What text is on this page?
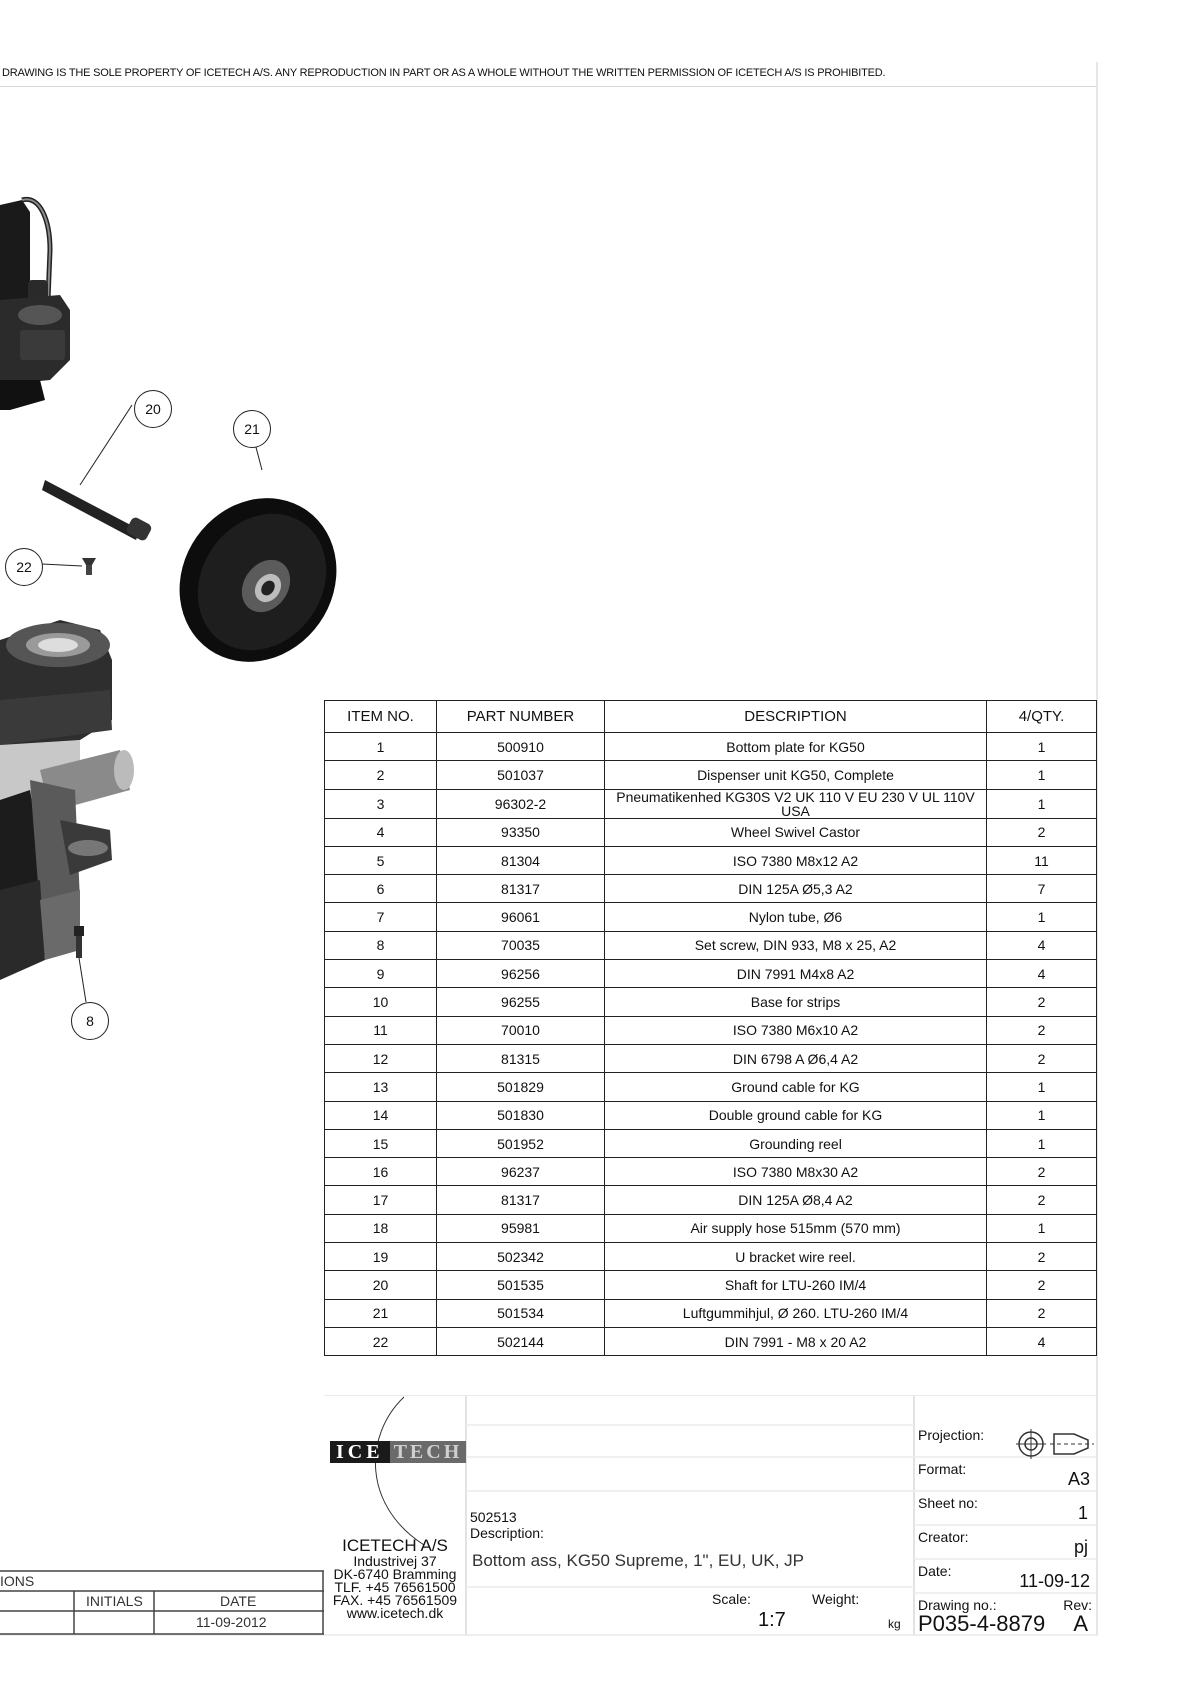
DRAWING IS THE SOLE PROPERTY OF ICETECH A/S. ANY REPRODUCTION IN PART OR AS A WHOLE WITHOUT THE WRITTEN PERMISSION OF ICETECH A/S IS PROHIBITED.
20
21
22
8
ITEM NO.	PART NUMBER	DESCRIPTION	4/QTY.
1	500910	Bottom plate for KG50	1
2	501037	Dispenser unit KG50, Complete	1
3	96302-2	Pneumatikenhed KG30S V2 UK 110 V EU 230 V UL 110V USA	1
4	93350	Wheel Swivel Castor	2
5	81304	ISO 7380 M8x12 A2	11
6	81317	DIN 125A Ø5,3 A2	7
7	96061	Nylon tube, Ø6	1
8	70035	Set screw, DIN 933, M8 x 25, A2	4
9	96256	DIN 7991 M4x8 A2	4
10	96255	Base for strips	2
11	70010	ISO 7380 M6x10 A2	2
12	81315	DIN 6798 A Ø6,4 A2	2
13	501829	Ground cable for KG	1
14	501830	Double ground cable for KG	1
15	501952	Grounding reel	1
16	96237	ISO 7380 M8x30 A2	2
17	81317	DIN 125A Ø8,4 A2	2
18	95981	Air supply hose 515mm (570 mm)	1
19	502342	U bracket wire reel.	2
20	501535	Shaft for LTU-260 IM/4	2
21	501534	Luftgummihjul, Ø 260. LTU-260 IM/4	2
22	502144	DIN 7991 - M8 x 20 A2	4
ICE TECH
ICETECH A/S
Industrivej 37
DK-6740 Bramming
TLF. +45 76561500
FAX. +45 76561509
www.icetech.dk
502513
Description:
Bottom ass, KG50 Supreme, 1", EU, UK, JP
Scale:
1:7
Weight:
kg
Projection:
Format:	A3
Sheet no:	1
Creator:	pj
Date:	11-09-12
Drawing no.:
P035-4-8879
Rev:
A
IONS
INITIALS	DATE
11-09-2012
